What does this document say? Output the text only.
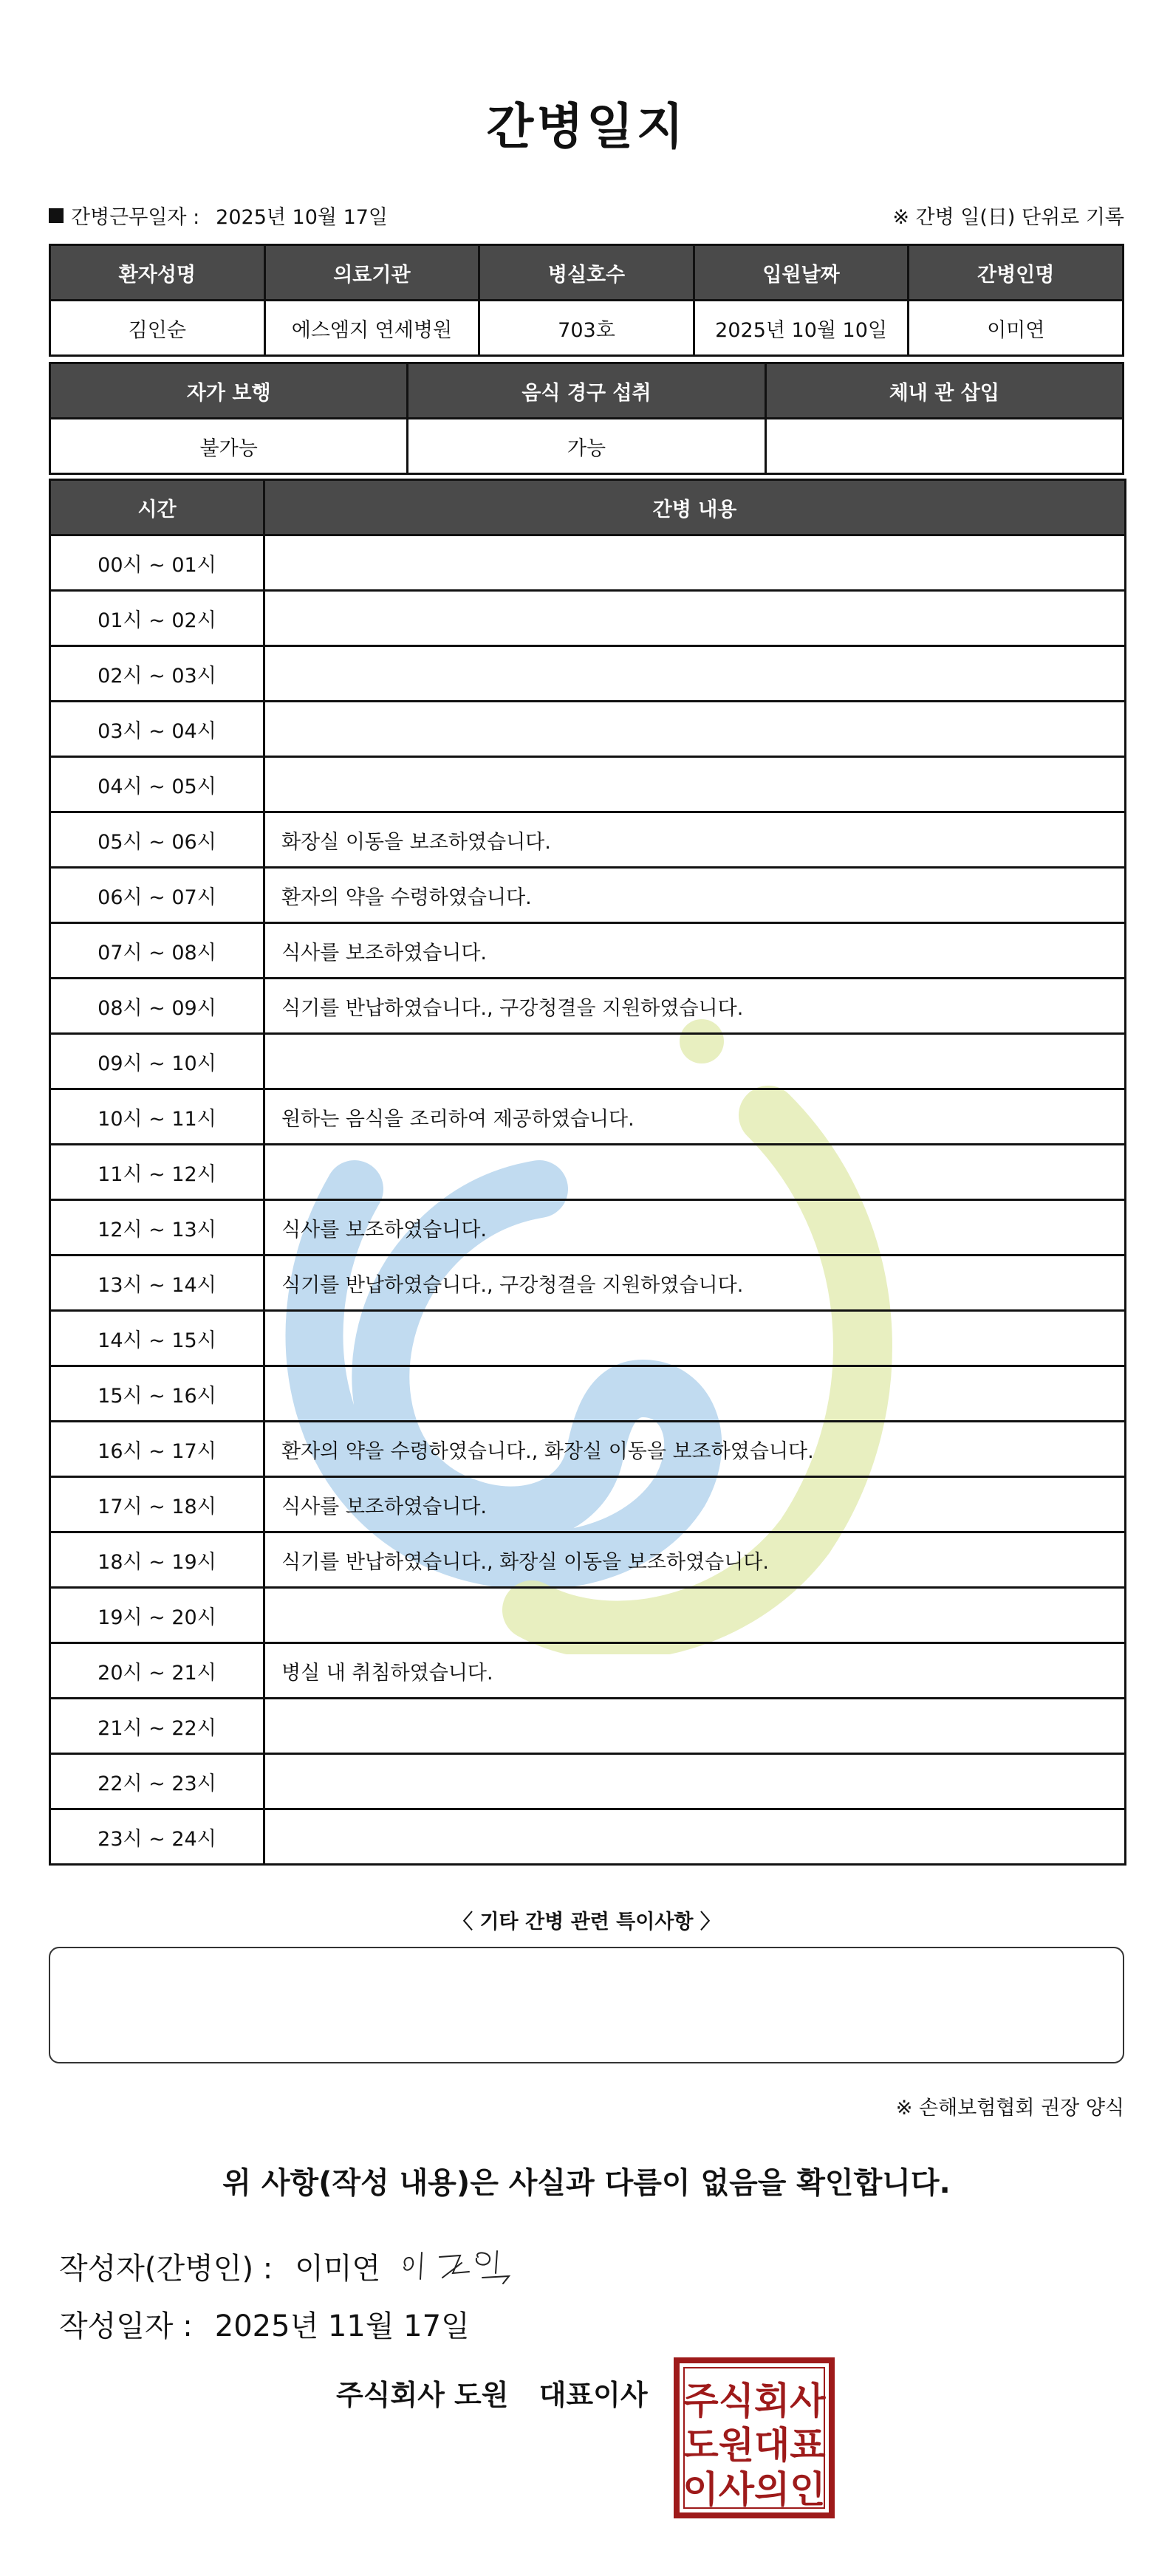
간병일지
간병근무일자 : 2025년 10월 17일	※ 간병 일(日) 단위로 기록
환자성명	의료기관	병실호수	입원날짜	간병인명
김인순	에스엠지 연세병원	703호	2025년 10월 10일	이미연
자가 보행	음식 경구 섭취	체내 관 삽입
불가능	가능	
시간	간병 내용
00시 ~ 01시	
01시 ~ 02시	
02시 ~ 03시	
03시 ~ 04시	
04시 ~ 05시	
05시 ~ 06시	화장실 이동을 보조하였습니다.
06시 ~ 07시	환자의 약을 수령하였습니다.
07시 ~ 08시	식사를 보조하였습니다.
08시 ~ 09시	식기를 반납하였습니다., 구강청결을 지원하였습니다.
09시 ~ 10시	
10시 ~ 11시	원하는 음식을 조리하여 제공하였습니다.
11시 ~ 12시	
12시 ~ 13시	식사를 보조하였습니다.
13시 ~ 14시	식기를 반납하였습니다., 구강청결을 지원하였습니다.
14시 ~ 15시	
15시 ~ 16시	
16시 ~ 17시	환자의 약을 수령하였습니다., 화장실 이동을 보조하였습니다.
17시 ~ 18시	식사를 보조하였습니다.
18시 ~ 19시	식기를 반납하였습니다., 화장실 이동을 보조하였습니다.
19시 ~ 20시	
20시 ~ 21시	병실 내 취침하였습니다.
21시 ~ 22시	
22시 ~ 23시	
23시 ~ 24시	
〈 기타 간병 관련 특이사항 〉
※ 손해보험협회 권장 양식
위 사항(작성 내용)은 사실과 다름이 없음을 확인합니다.
작성자(간병인) : 이미연
작성일자 : 2025년 11월 17일
주식회사 도원 대표이사 주식회사
도원대표
이사의인
